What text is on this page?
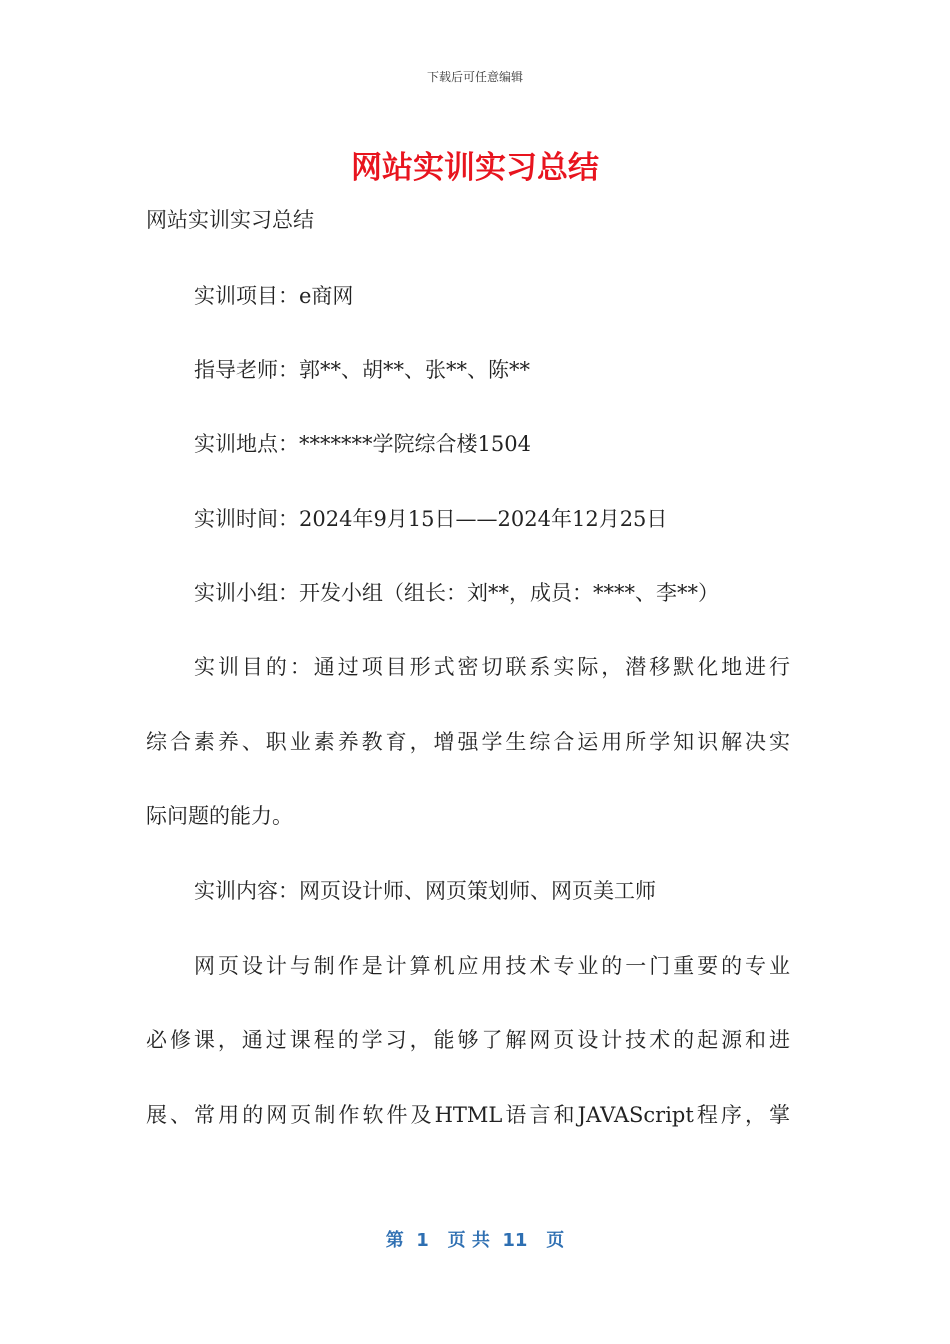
下载后可任意编辑
网站实训实习总结
网站实训实习总结
实训项目：e商网
指导老师：郭**、胡**、张**、陈**
实训地点：*******学院综合楼1504
实训时间：2024年9月15日——2024年12月25日
实训小组：开发小组（组长：刘**，成员：****、李**）
实训目的：通过项目形式密切联系实际，潜移默化地进行
综合素养、职业素养教育，增强学生综合运用所学知识解决实
际问题的能力。
实训内容：网页设计师、网页策划师、网页美工师
网页设计与制作是计算机应用技术专业的一门重要的专业
必修课，通过课程的学习，能够了解网页设计技术的起源和进
展、常用的网页制作软件及HTML语言和JAVAScript程序，掌
第  1   页 共  11   页
